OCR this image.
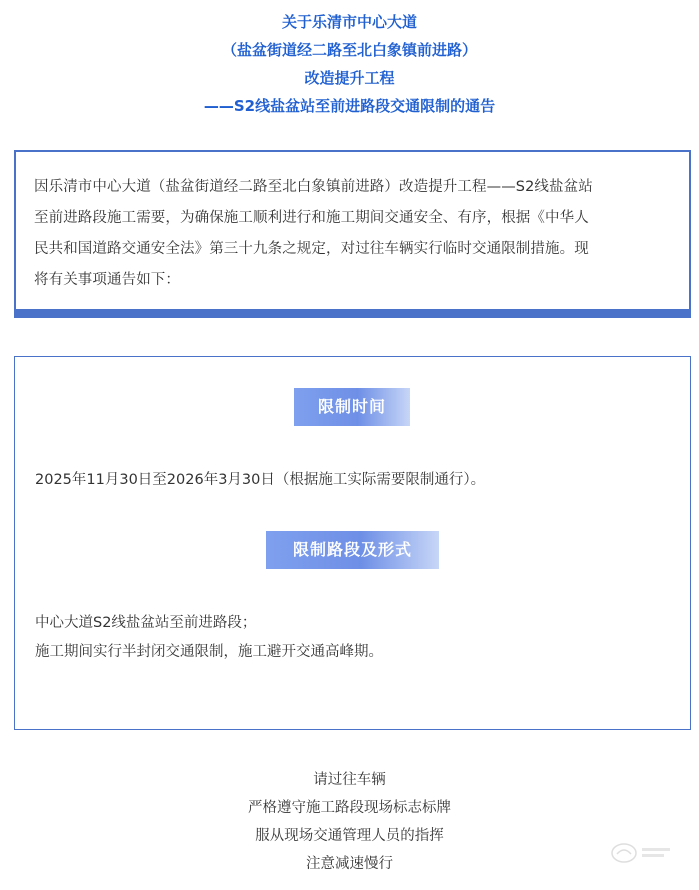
关于乐清市中心大道
（盐盆街道经二路至北白象镇前进路）
改造提升工程
——S2线盐盆站至前进路段交通限制的通告
因乐清市中心大道（盐盆街道经二路至北白象镇前进路）改造提升工程——S2线盐盆站
至前进路段施工需要，为确保施工顺利进行和施工期间交通安全、有序，根据《中华人
民共和国道路交通安全法》第三十九条之规定，对过往车辆实行临时交通限制措施。现
将有关事项通告如下：
限制时间
2025年11月30日至2026年3月30日（根据施工实际需要限制通行）。
限制路段及形式
中心大道S2线盐盆站至前进路段；
施工期间实行半封闭交通限制，施工避开交通高峰期。
请过往车辆
严格遵守施工路段现场标志标牌
服从现场交通管理人员的指挥
注意减速慢行
